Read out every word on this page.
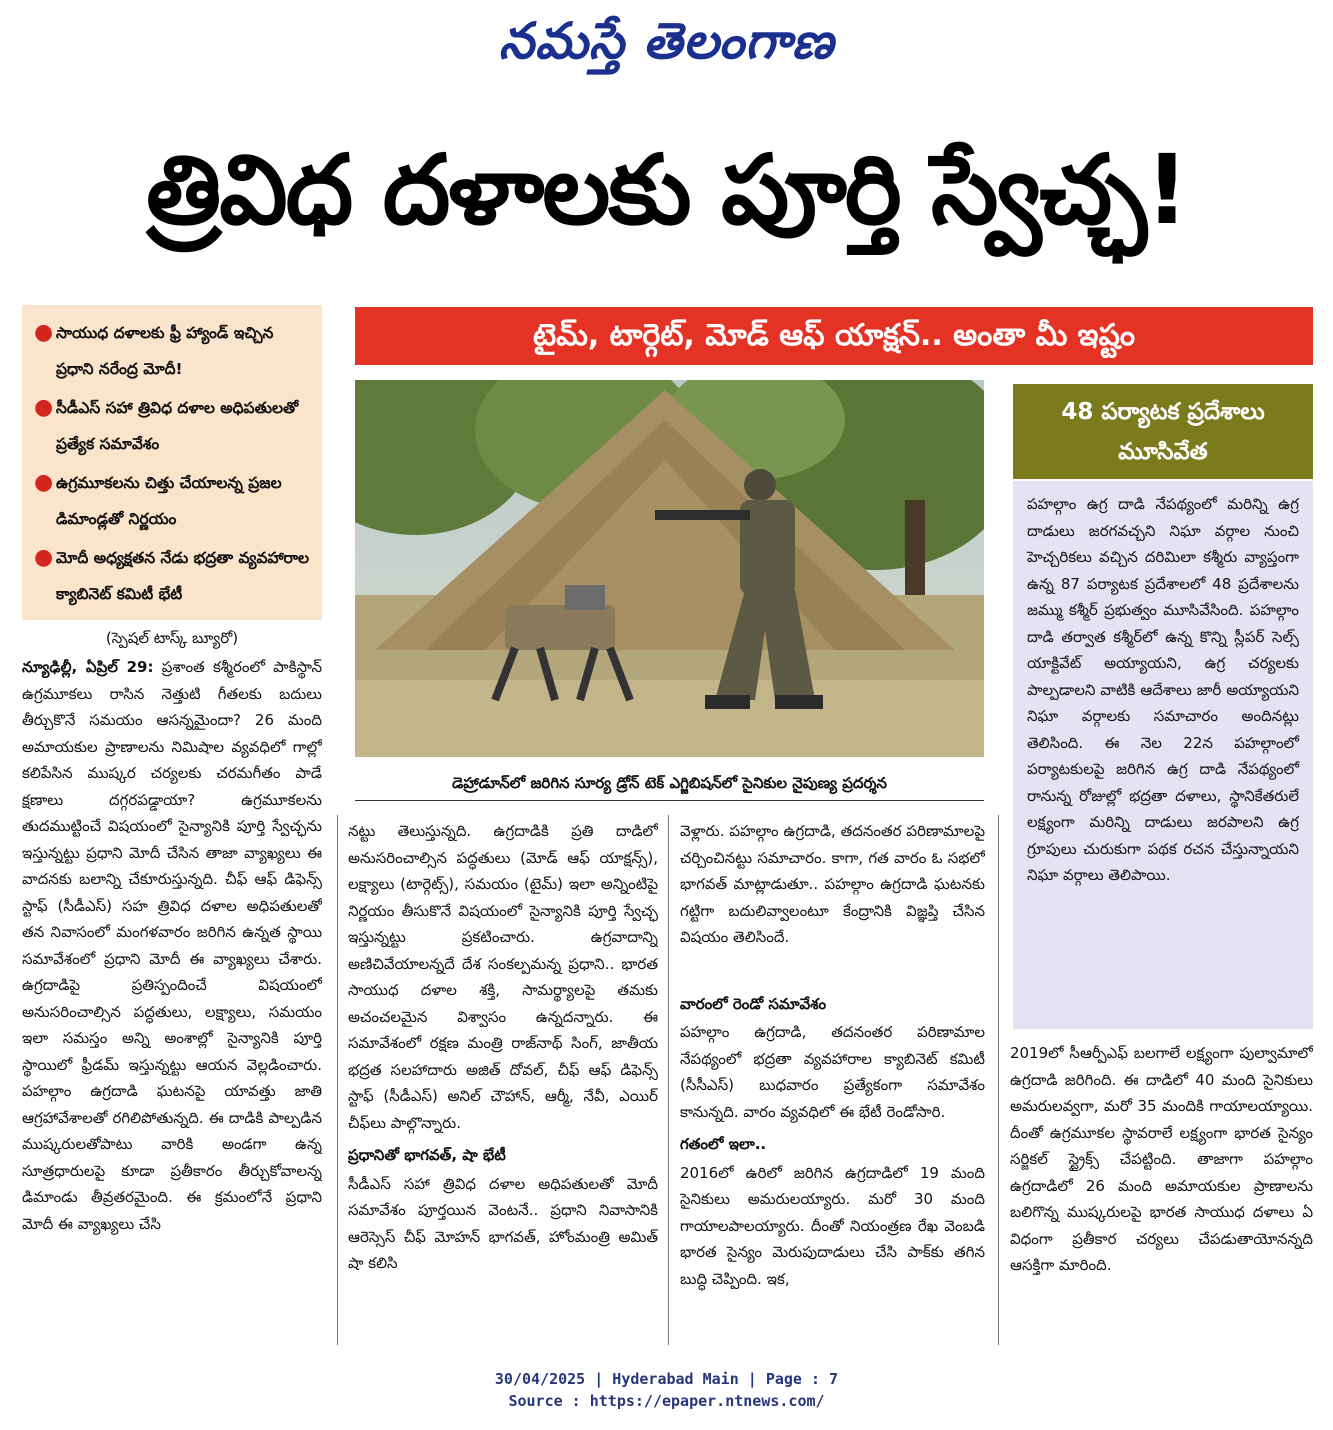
నమస్తే తెలంగాణ
త్రివిధ దళాలకు పూర్తి స్వేచ్ఛ!
● సాయుధ దళాలకు ఫ్రీ హ్యాండ్ ఇచ్చిన ప్రధాని నరేంద్ర మోదీ!
● సీడీఎస్ సహా త్రివిధ దళాల అధిపతులతో ప్రత్యేక సమావేశం
● ఉగ్రమూకలను చిత్తు చేయాలన్న ప్రజల డిమాండ్లతో నిర్ణయం
● మోదీ అధ్యక్షతన నేడు భద్రతా వ్యవహారాల క్యాబినెట్ కమిటీ భేటీ
టైమ్, టార్గెట్, మోడ్ ఆఫ్ యాక్షన్.. అంతా మీ ఇష్టం
డెహ్రాడూన్‌లో జరిగిన సూర్య డ్రోన్ టెక్ ఎగ్జిబిషన్‌లో సైనికుల నైపుణ్య ప్రదర్శన
48 పర్యాటక ప్రదేశాలు మూసివేత
పహల్గాం ఉగ్ర దాడి నేపథ్యంలో మరిన్ని ఉగ్ర దాడులు జరగవచ్చని నిఘా వర్గాల నుంచి హెచ్చరికలు వచ్చిన దరిమిలా కశ్మీరు వ్యాప్తంగా ఉన్న 87 పర్యాటక ప్రదేశాలలో 48 ప్రదేశాలను జమ్ము కశ్మీర్ ప్రభుత్వం మూసివేసింది. పహల్గాం దాడి తర్వాత కశ్మీర్‌లో ఉన్న కొన్ని స్లీపర్ సెల్స్ యాక్టివేట్ అయ్యాయని, ఉగ్ర చర్యలకు పాల్పడాలని వాటికి ఆదేశాలు జారీ అయ్యాయని నిఘా వర్గాలకు సమాచారం అందినట్లు తెలిసింది. ఈ నెల 22న పహల్గాంలో పర్యాటకులపై జరిగిన ఉగ్ర దాడి నేపథ్యంలో రానున్న రోజుల్లో భద్రతా దళాలు, స్థానికేతరులే లక్ష్యంగా మరిన్ని దాడులు జరపాలని ఉగ్ర గ్రూపులు చురుకుగా పథక రచన చేస్తున్నాయని నిఘా వర్గాలు తెలిపాయి.
(స్పెషల్ టాస్క్ బ్యూరో)

న్యూఢిల్లీ, ఏప్రిల్ 29: ప్రశాంత కశ్మీరంలో పాకిస్థాన్ ఉగ్రమూకలు రాసిన నెత్తుటి గీతలకు బదులు తీర్చుకొనే సమయం ఆసన్నమైందా? 26 మంది అమాయకుల ప్రాణాలను నిమిషాల వ్యవధిలో గాల్లో కలిపేసిన ముష్కర చర్యలకు చరమగీతం పాడే క్షణాలు దగ్గరపడ్డాయా? ఉగ్రమూకలను తుదముట్టించే విషయంలో సైన్యానికి పూర్తి స్వేచ్ఛను ఇస్తున్నట్టు ప్రధాని మోదీ చేసిన తాజా వ్యాఖ్యలు ఈ వాదనకు బలాన్ని చేకూరుస్తున్నది. చీఫ్ ఆఫ్ డిఫెన్స్ స్టాఫ్ (సీడీఎస్) సహ త్రివిధ దళాల అధిపతులతో తన నివాసంలో మంగళవారం జరిగిన ఉన్నత స్థాయి సమావేశంలో ప్రధాని మోదీ ఈ వ్యాఖ్యలు చేశారు. ఉగ్రదాడిపై ప్రతిస్పందించే విషయంలో అనుసరించాల్సిన పద్ధతులు, లక్ష్యాలు, సమయం ఇలా సమస్తం అన్ని అంశాల్లో సైన్యానికి పూర్తి స్థాయిలో ఫ్రీడమ్ ఇస్తున్నట్టు ఆయన వెల్లడించారు. పహల్గాం ఉగ్రదాడి ఘటనపై యావత్తు జాతి ఆగ్రహావేశాలతో రగిలిపోతున్నది. ఈ దాడికి పాల్పడిన ముష్కరులతోపాటు వారికి అండగా ఉన్న సూత్రధారులపై కూడా ప్రతీకారం తీర్చుకోవాలన్న డిమాండు తీవ్రతరమైంది. ఈ క్రమంలోనే ప్రధాని మోదీ ఈ వ్యాఖ్యలు చేసి

నట్టు తెలుస్తున్నది. ఉగ్రదాడికి ప్రతి దాడిలో అనుసరించాల్సిన పద్ధతులు (మోడ్ ఆఫ్ యాక్షన్స్), లక్ష్యాలు (టార్గెట్స్), సమయం (టైమ్) ఇలా అన్నింటిపై నిర్ణయం తీసుకొనే విషయంలో సైన్యానికి పూర్తి స్వేచ్ఛ ఇస్తున్నట్టు ప్రకటించారు. ఉగ్రవాదాన్ని అణిచివేయాలన్నదే దేశ సంకల్పమన్న ప్రధాని.. భారత సాయుధ దళాల శక్తి, సామర్థ్యాలపై తమకు అచంచలమైన విశ్వాసం ఉన్నదన్నారు. ఈ సమావేశంలో రక్షణ మంత్రి రాజ్‌నాథ్ సింగ్, జాతీయ భద్రత సలహాదారు అజిత్ దోవల్, చీఫ్ ఆఫ్ డిఫెన్స్ స్టాఫ్ (సీడీఎస్) అనిల్ చౌహాన్, ఆర్మీ, నేవీ, ఎయిర్ చీఫ్‌లు పాల్గొన్నారు.

ప్రధానితో భాగవత్, షా భేటీ

సీడీఎస్ సహా త్రివిధ దళాల అధిపతులతో మోదీ సమావేశం పూర్తయిన వెంటనే.. ప్రధాని నివాసానికి ఆరెస్సెస్ చీఫ్ మోహన్ భాగవత్, హోంమంత్రి అమిత్ షా కలిసి

వెళ్లారు. పహల్గాం ఉగ్రదాడి, తదనంతర పరిణామాలపై చర్చించినట్టు సమాచారం. కాగా, గత వారం ఓ సభలో భాగవత్ మాట్లాడుతూ.. పహల్గాం ఉగ్రదాడి ఘటనకు గట్టిగా బదులివ్వాలంటూ కేంద్రానికి విజ్ఞప్తి చేసిన విషయం తెలిసిందే.

వారంలో రెండో సమావేశం

పహల్గాం ఉగ్రదాడి, తదనంతర పరిణామాల నేపథ్యంలో భద్రతా వ్యవహారాల క్యాబినెట్ కమిటీ (సీసీఎస్) బుధవారం ప్రత్యేకంగా సమావేశం కానున్నది. వారం వ్యవధిలో ఈ భేటీ రెండోసారి.

గతంలో ఇలా..

2016లో ఉరిలో జరిగిన ఉగ్రదాడిలో 19 మంది సైనికులు అమరులయ్యారు. మరో 30 మంది గాయాలపాలయ్యారు. దీంతో నియంత్రణ రేఖ వెంబడి భారత సైన్యం మెరుపుదాడులు చేసి పాక్‌కు తగిన బుద్ధి చెప్పింది. ఇక,

2019లో సీఆర్పీఎఫ్ బలగాలే లక్ష్యంగా పుల్వామాలో ఉగ్రదాడి జరిగింది. ఈ దాడిలో 40 మంది సైనికులు అమరులవ్వగా, మరో 35 మందికి గాయాలయ్యాయి. దీంతో ఉగ్రమూకల స్థావరాలే లక్ష్యంగా భారత సైన్యం సర్జికల్ స్ట్రైక్స్ చేపట్టింది. తాజాగా పహల్గాం ఉగ్రదాడిలో 26 మంది అమాయకుల ప్రాణాలను బలిగొన్న ముష్కరులపై భారత సాయుధ దళాలు ఏ విధంగా ప్రతీకార చర్యలు చేపడుతాయోనన్నది ఆసక్తిగా మారింది.

30/04/2025 | Hyderabad Main | Page : 7
Source : https://epaper.ntnews.com/
